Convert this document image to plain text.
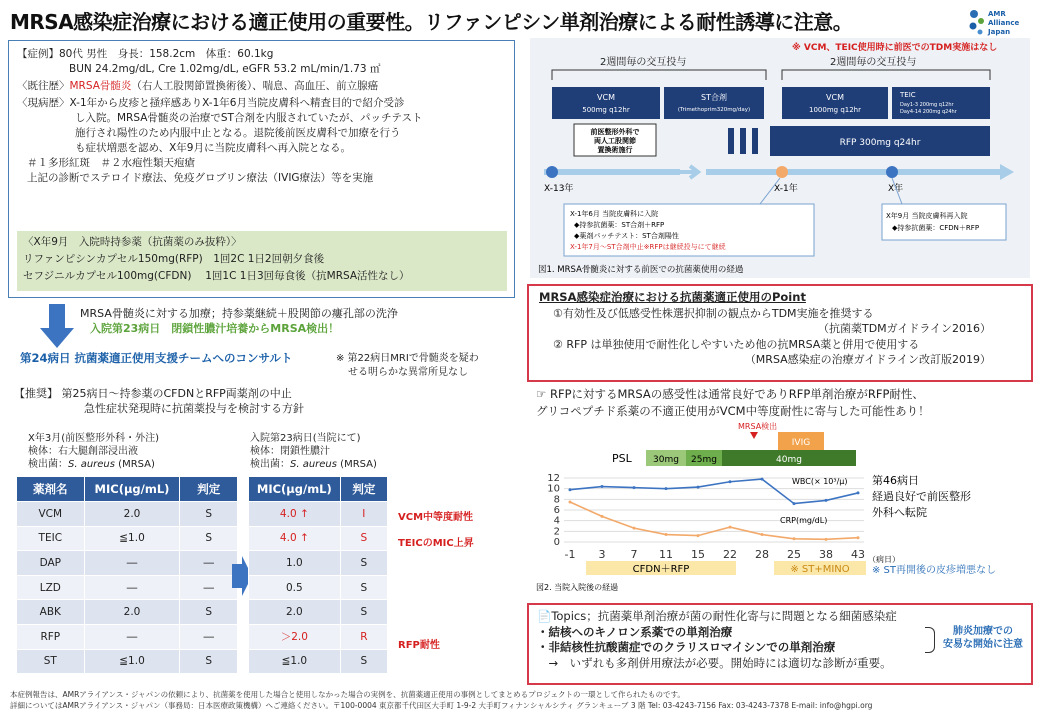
MRSA感染症治療における適正使用の重要性。リファンピシン単剤治療による耐性誘導に注意。	AMR
Alliance
Japan
【症例】80代 男性　身長：158.2cm　体重：60.1kg
BUN 24.2mg/dL, Cre 1.02mg/dL, eGFR 53.2 mL/min/1.73 ㎡
〈既往歴〉MRSA骨髄炎（右人工股関節置換術後）、喘息、高血圧、前立腺癌
〈現病歴〉X-1年から皮疹と掻痒感ありX-1年6月当院皮膚科へ精査目的で紹介受診
し入院。MRSA骨髄炎の治療でST合剤を内服されていたが、パッチテスト
施行され陽性のため内服中止となる。退院後前医皮膚科で加療を行う
も症状増悪を認め、X年9月に当院皮膚科へ再入院となる。
＃１多形紅斑　＃２水疱性類天疱瘡
上記の診断でステロイド療法、免疫グロブリン療法（IVIG療法）等を実施
〈X年9月　入院時持参薬（抗菌薬のみ抜粋）〉
リファンピシンカプセル150mg(RFP)　1回2C 1日2回朝夕食後
セフジニルカプセル100mg(CFDN)　 1回1C 1日3回毎食後（抗MRSA活性なし）
MRSA骨髄炎に対する加療；持参薬継続＋股関節の瘻孔部の洗浄
入院第23病日　閉鎖性膿汁培養からMRSA検出！
第24病日 抗菌薬適正使用支援チームへのコンサルト	※ 第22病日MRIで骨髄炎を疑わ
せる明らかな異常所見なし
【推奨】 第25病日～持参薬のCFDNとRFP両薬剤の中止
急性症状発現時に抗菌薬投与を検討する方針
X年3月(前医整形外科・外注)
検体：右大腿創部浸出液
検出菌：S. aureus (MRSA)
入院第23病日(当院にて)
検体：閉鎖性膿汁
検出菌：S. aureus (MRSA)
薬剤名	MIC(μg/mL)	判定
VCM	2.0	S
TEIC	≦1.0	S
DAP	―	―
LZD	―	―
ABK	2.0	S
RFP	―	―
ST	≦1.0	S
MIC(μg/mL)	判定
4.0 ↑	I
4.0 ↑	S
1.0	S
0.5	S
2.0	S
＞2.0	R
≦1.0	S
VCM中等度耐性
TEICのMIC上昇
RFP耐性
※ VCM、TEIC使用時に前医でのTDM実施はなし
2週間毎の交互投与	2週間毎の交互投与
VCM
500mg q12hr
ST合剤
(Trimethoprim320mg/day)
VCM
1000mg q12hr
TEIC
Day1-3 200mg q12hr
Day4-14 200mg q24hr
前医整形外科で
両人工股関節
置換術施行
RFP 300mg q24hr
X-13年	X-1年	X年
X-1年6月 当院皮膚科に入院
◆持参抗菌薬：ST合剤＋RFP
◆薬剤パッチテスト：ST合剤陽性
X-1年7月～ST合剤中止※RFPは継続投与にて継続
X年9月 当院皮膚科再入院
◆持参抗菌薬：CFDN＋RFP
図1. MRSA骨髄炎に対する前医での抗菌薬使用の経過
MRSA感染症治療における抗菌薬適正使用のPoint
①有効性及び低感受性株選択抑制の観点からTDM実施を推奨する
（抗菌薬TDMガイドライン2016）
② RFP は単独使用で耐性化しやすいため他の抗MRSA薬と併用で使用する
（MRSA感染症の治療ガイドライン改訂版2019）
☞ RFPに対するMRSAの感受性は通常良好でありRFP単剤治療がRFP耐性、
グリコペプチド系薬の不適正使用がVCM中等度耐性に寄与した可能性あり！
MRSA検出
IVIG
PSL 30mg 25mg	40mg
0
2
4
6
8
10
12
-1 3 7 11 15 22 28 25 38 43
WBC(× 10³/μ)
CRP(mg/dL)
（病日）
CFDN＋RFP	※ ST+MINO ※ ST再開後の皮疹増悪なし
第46病日
経過良好で前医整形
外科へ転院
図2. 当院入院後の経過
📄Topics；抗菌薬単剤治療が菌の耐性化寄与に問題となる細菌感染症
・結核へのキノロン系薬での単剤治療
・非結核性抗酸菌症でのクラリスロマイシンでの単剤治療
　→　いずれも多剤併用療法が必要。開始時には適切な診断が重要。
肺炎加療での
安易な開始に注意
本症例報告は、AMRアライアンス・ジャパンの依頼により、抗菌薬を使用した場合と使用しなかった場合の実例を、抗菌薬適正使用の事例としてまとめるプロジェクトの一環として作られたものです。
詳細についてはAMRアライアンス・ジャパン（事務局：日本医療政策機構）へご連絡ください。〒100-0004 東京都千代田区大手町 1-9-2 大手町フィナンシャルシティ グランキューブ 3 階 Tel: 03-4243-7156 Fax: 03-4243-7378 E-mail: info@hgpi.org
